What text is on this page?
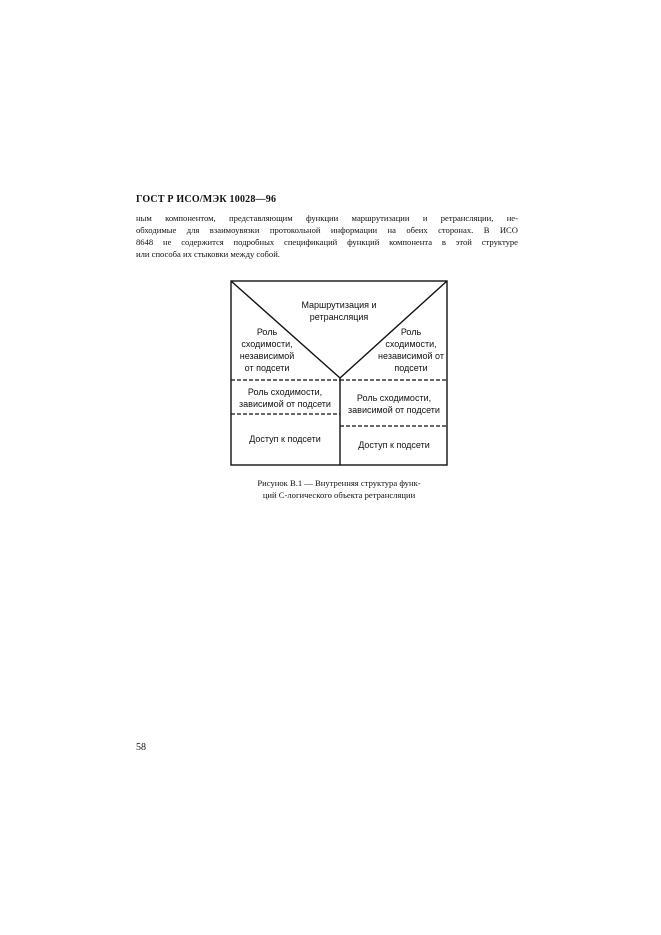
ГОСТ Р ИСО/МЭК 10028—96
ным компонентом, представляющим функции маршрутизации и ретрансляции, не-
обходимые для взаимоувязки протокольной информации на обеих сторонах. В ИСО
8648 не содержится подробных спецификаций функций компонента в этой структуре
или способа их стыковки между собой.
Маршрутизация и ретрансляция
Роль сходимости, независимой от подсети
Роль сходимости, независимой от подсети
Роль сходимости, зависимой от подсети
Роль сходимости, зависимой от подсети
Доступ к подсети
Доступ к подсети
Рисунок В.1 — Внутренняя структура функ-
ций С-логического объекта ретрансляции
58
